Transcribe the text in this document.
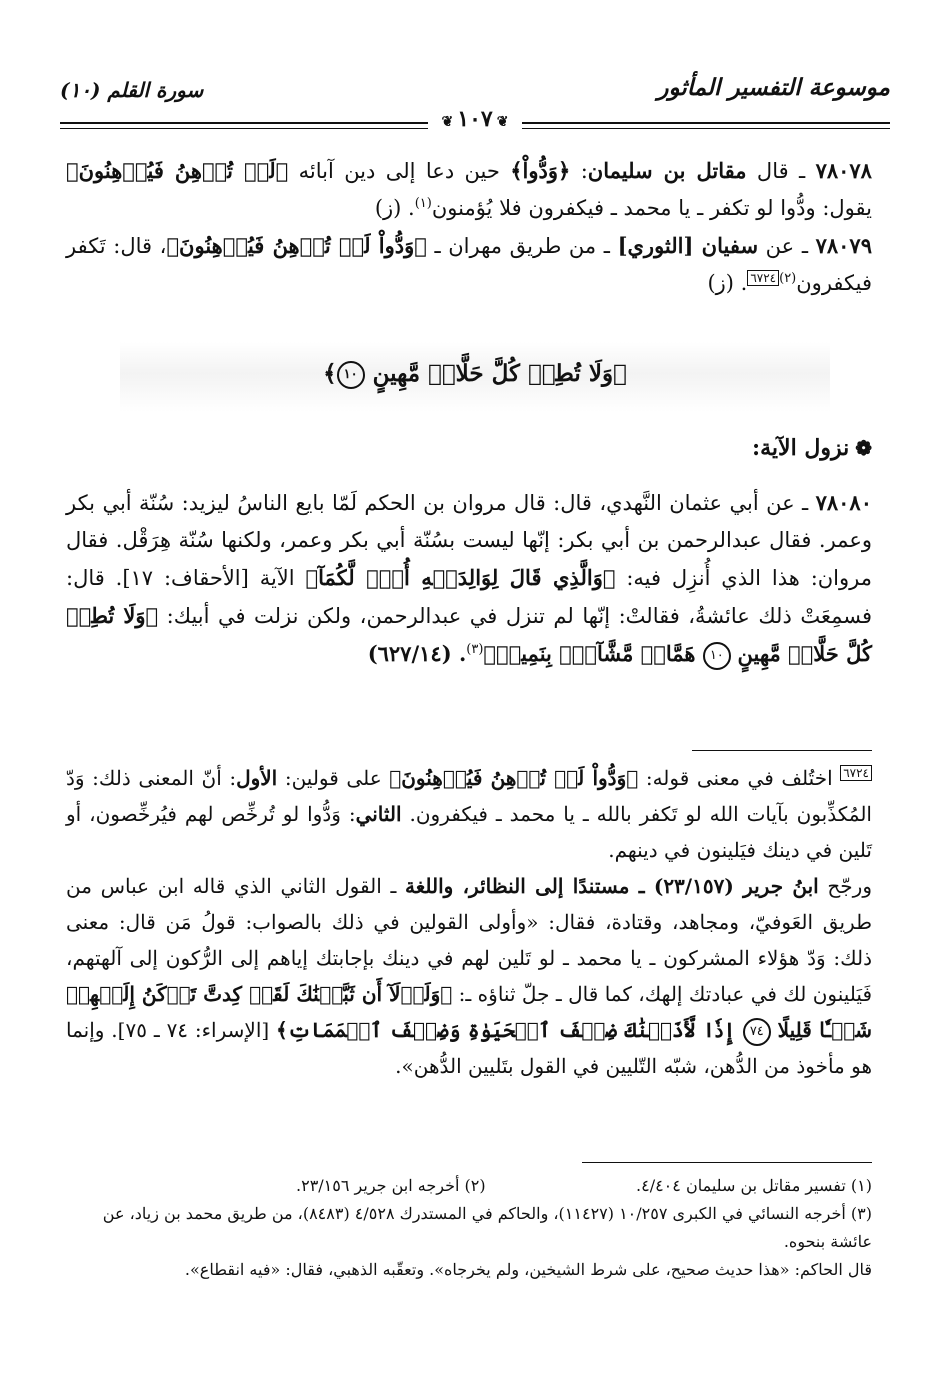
موسوعة التفسير المأثور
سورة القلم (١٠)
❦١٠٧❦

٧٨٠٧٨ ـ قال مقاتل بن سليمان: ﴿وَدُّواْ﴾ حين دعا إلى دين آبائه ﴿لَوۡ تُدۡهِنُ فَيُدۡهِنُونَ﴾ يقول: ودُّوا لو تكفر ـ يا محمد ـ فيكفرون فلا يُؤمنون$^{(١)}$. (ز)

٧٨٠٧٩ ـ عن سفيان [الثوري] ـ من طريق مهران ـ ﴿وَدُّواْ لَوۡ تُدۡهِنُ فَيُدۡهِنُونَ﴾، قال: تَكفر فيكفرون$^{(٢)}$٦٧٢٤. (ز)

﴿وَلَا تُطِعۡ كُلَّ حَلَّافٖ مَّهِينٍ ١٠﴾
❁نزول الآية:

٧٨٠٨٠ ـ عن أبي عثمان النَّهدي، قال: قال مروان بن الحكم لَمّا بايع الناسُ ليزيد: سُنّة أبي بكر وعمر. فقال عبدالرحمن بن أبي بكر: إنّها ليست بسُنّة أبي بكر وعمر، ولكنها سُنّة هِرَقْل. فقال مروان: هذا الذي أُنزِل فيه: ﴿وَالَّذِي قَالَ لِوَالِدَيۡهِ أُفّٖ لَّكُمَآ﴾ الآية [الأحقاف: ١٧]. قال: فسمِعَتْ ذلك عائشةُ، فقالتْ: إنّها لم تنزل في عبدالرحمن، ولكن نزلت في أبيك: ﴿وَلَا تُطِعۡ كُلَّ حَلَّافٖ مَّهِينٍ ١٠ هَمَّازٖ مَّشَّآءِۭ بِنَمِيمٖ﴾$^{(٣)}$. (٦٢٧/١٤)

٦٧٢٤ اختُلف في معنى قوله: ﴿وَدُّواْ لَوۡ تُدۡهِنُ فَيُدۡهِنُونَ﴾ على قولين: الأول: أنّ المعنى ذلك: وَدّ المُكذِّبون بآيات الله لو تَكفر بالله ـ يا محمد ـ فيكفرون. الثاني: وَدُّوا لو تُرخِّص لهم فيُرخِّصون، أو تَلين في دينك فيَلينون في دينهم.

ورجّح ابنُ جرير (٢٣/١٥٧) ـ مستندًا إلى النظائر، واللغة ـ القول الثاني الذي قاله ابن عباس من طريق العَوفيّ، ومجاهد، وقتادة، فقال: «وأولى القولين في ذلك بالصواب: قولُ مَن قال: معنى ذلك: وَدّ هؤلاء المشركون ـ يا محمد ـ لو تَلين لهم في دينك بإجابتك إياهم إلى الرُّكون إلى آلهتهم، فَيَلينون لك في عبادتك إلهك، كما قال ـ جلّ ثناؤه ـ: ﴿وَلَوۡلَآ أَن ثَبَّتۡنَٰكَ لَقَدۡ كِدتَّ تَرۡكَنُ إِلَيۡهِمۡ شَيۡـٔٗا قَلِيلًا ٧٤ إِذٗا لَّأَذَقۡنَٰكَ ضِعۡفَ ٱلۡحَيَوٰةِ وَضِعۡفَ ٱلۡمَمَاتِ﴾ [الإسراء: ٧٤ ـ ٧٥]. وإنما هو مأخوذ من الدُّهن، شبّه التّليين في القول بتَليين الدُّهن».

(١) تفسير مقاتل بن سليمان ٤/٤٠٤.
(٢) أخرجه ابن جرير ٢٣/١٥٦.

(٣) أخرجه النسائي في الكبرى ١٠/٢٥٧ (١١٤٢٧)، والحاكم في المستدرك ٤/٥٢٨ (٨٤٨٣)، من طريق محمد بن زياد، عن عائشة بنحوه.

قال الحاكم: «هذا حديث صحيح، على شرط الشيخين، ولم يخرجاه». وتعقّبه الذهبي، فقال: «فيه انقطاع».
